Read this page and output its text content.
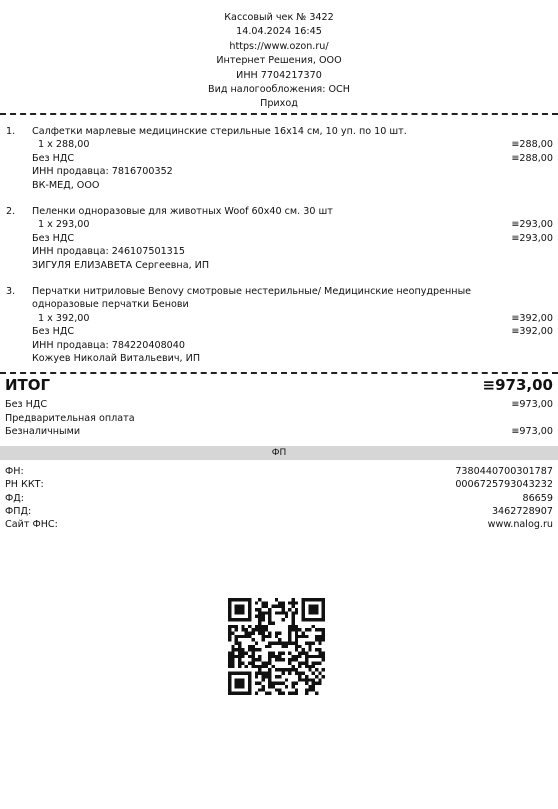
Кассовый чек № 3422
14.04.2024 16:45
https://www.ozon.ru/
Интернет Решения, ООО
ИНН 7704217370
Вид налогообложения: ОСН
Приход
1. Салфетки марлевые медицинские стерильные 16х14 см, 10 уп. по 10 шт.
1 x 288,00	≡288,00
Без НДС	≡288,00
ИНН продавца: 7816700352
ВК-МЕД, ООО
2. Пеленки одноразовые для животных Woof 60х40 см. 30 шт
1 x 293,00	≡293,00
Без НДС	≡293,00
ИНН продавца: 246107501315
ЗИГУЛЯ ЕЛИЗАВЕТА Сергеевна, ИП
3. Перчатки нитриловые Benovy смотровые нестерильные/ Медицинские неопудренные
одноразовые перчатки Бенови
1 x 392,00	≡392,00
Без НДС	≡392,00
ИНН продавца: 784220408040
Кожуев Николай Витальевич, ИП
ИТОГ	≡973,00
Без НДС	≡973,00
Предварительная оплата
Безналичными	≡973,00
ФП
ФН:	7380440700301787
РН ККТ:	0006725793043232
ФД:	86659
ФПД:	3462728907
Сайт ФНС:	www.nalog.ru
